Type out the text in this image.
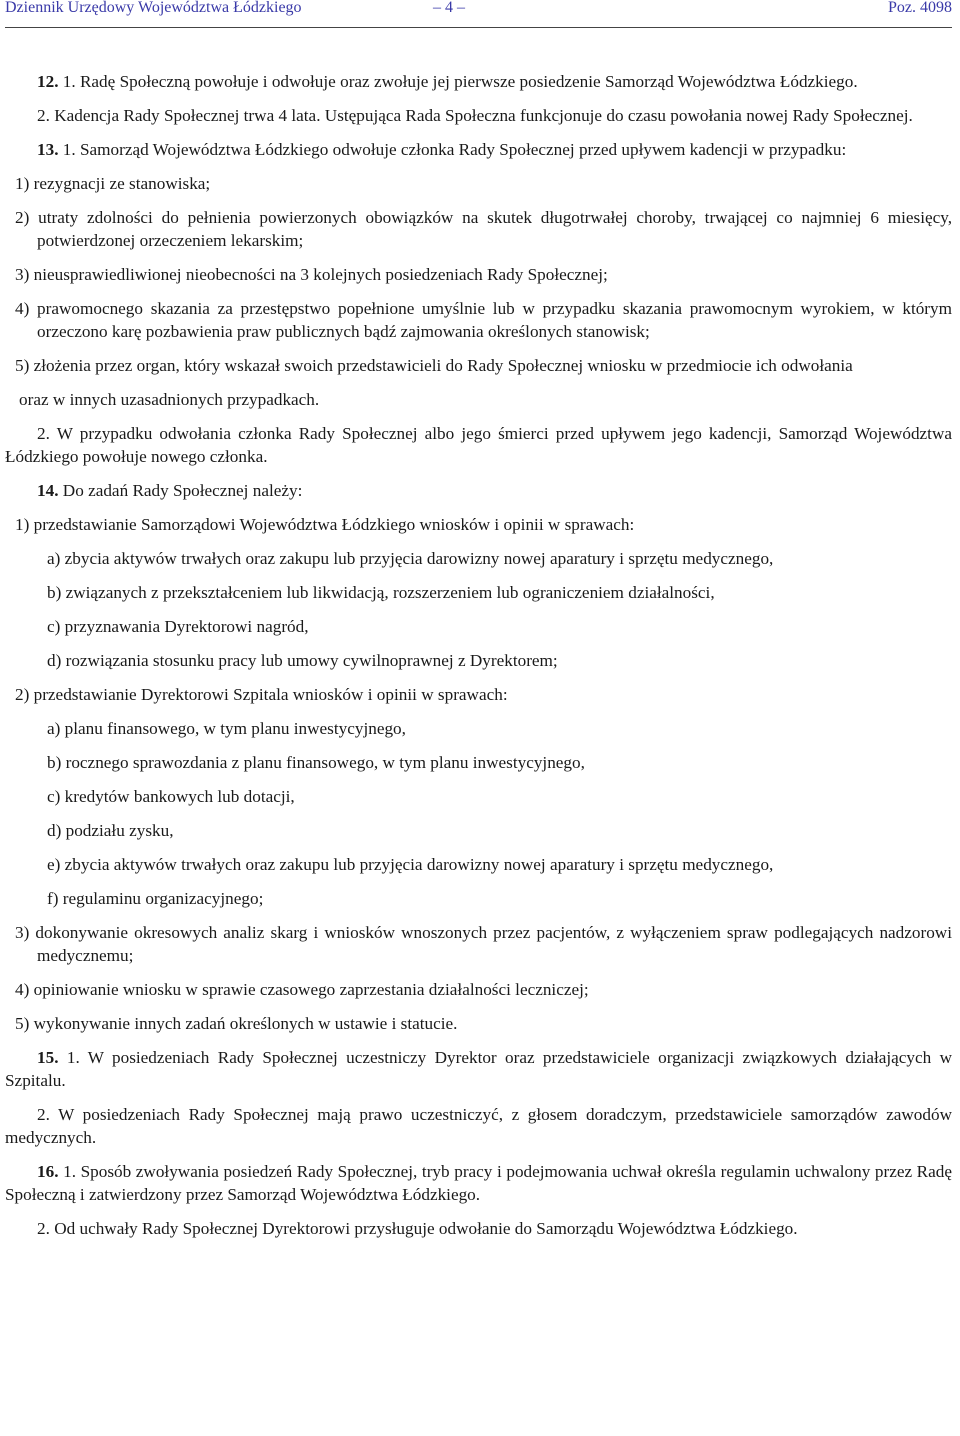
Dziennik Urzędowy Województwa Łódzkiego	– 4 –	Poz. 4098

12. 1. Radę Społeczną powołuje i odwołuje oraz zwołuje jej pierwsze posiedzenie Samorząd Województwa Łódzkiego.

2. Kadencja Rady Społecznej trwa 4 lata. Ustępująca Rada Społeczna funkcjonuje do czasu powołania nowej Rady Społecznej.

13. 1. Samorząd Województwa Łódzkiego odwołuje członka Rady Społecznej przed upływem kadencji w przypadku:

1) rezygnacji ze stanowiska;

2) utraty zdolności do pełnienia powierzonych obowiązków na skutek długotrwałej choroby, trwającej co najmniej 6 miesięcy, potwierdzonej orzeczeniem lekarskim;

3) nieusprawiedliwionej nieobecności na 3 kolejnych posiedzeniach Rady Społecznej;

4) prawomocnego skazania za przestępstwo popełnione umyślnie lub w przypadku skazania prawomocnym wyrokiem, w którym orzeczono karę pozbawienia praw publicznych bądź zajmowania określonych stanowisk;

5) złożenia przez organ, który wskazał swoich przedstawicieli do Rady Społecznej wniosku w przedmiocie ich odwołania

oraz w innych uzasadnionych przypadkach.

2. W przypadku odwołania członka Rady Społecznej albo jego śmierci przed upływem jego kadencji, Samorząd Województwa Łódzkiego powołuje nowego członka.

14. Do zadań Rady Społecznej należy:

1) przedstawianie Samorządowi Województwa Łódzkiego wniosków i opinii w sprawach:

a) zbycia aktywów trwałych oraz zakupu lub przyjęcia darowizny nowej aparatury i sprzętu medycznego,

b) związanych z przekształceniem lub likwidacją, rozszerzeniem lub ograniczeniem działalności,

c) przyznawania Dyrektorowi nagród,

d) rozwiązania stosunku pracy lub umowy cywilnoprawnej z Dyrektorem;

2) przedstawianie Dyrektorowi Szpitala wniosków i opinii w sprawach:

a) planu finansowego, w tym planu inwestycyjnego,

b) rocznego sprawozdania z planu finansowego, w tym planu inwestycyjnego,

c) kredytów bankowych lub dotacji,

d) podziału zysku,

e) zbycia aktywów trwałych oraz zakupu lub przyjęcia darowizny nowej aparatury i sprzętu medycznego,

f) regulaminu organizacyjnego;

3) dokonywanie okresowych analiz skarg i wniosków wnoszonych przez pacjentów, z wyłączeniem spraw podlegających nadzorowi medycznemu;

4) opiniowanie wniosku w sprawie czasowego zaprzestania działalności leczniczej;

5) wykonywanie innych zadań określonych w ustawie i statucie.

15. 1. W posiedzeniach Rady Społecznej uczestniczy Dyrektor oraz przedstawiciele organizacji związkowych działających w Szpitalu.

2. W posiedzeniach Rady Społecznej mają prawo uczestniczyć, z głosem doradczym, przedstawiciele samorządów zawodów medycznych.

16. 1. Sposób zwoływania posiedzeń Rady Społecznej, tryb pracy i podejmowania uchwał określa regulamin uchwalony przez Radę Społeczną i zatwierdzony przez Samorząd Województwa Łódzkiego.

2. Od uchwały Rady Społecznej Dyrektorowi przysługuje odwołanie do Samorządu Województwa Łódzkiego.
